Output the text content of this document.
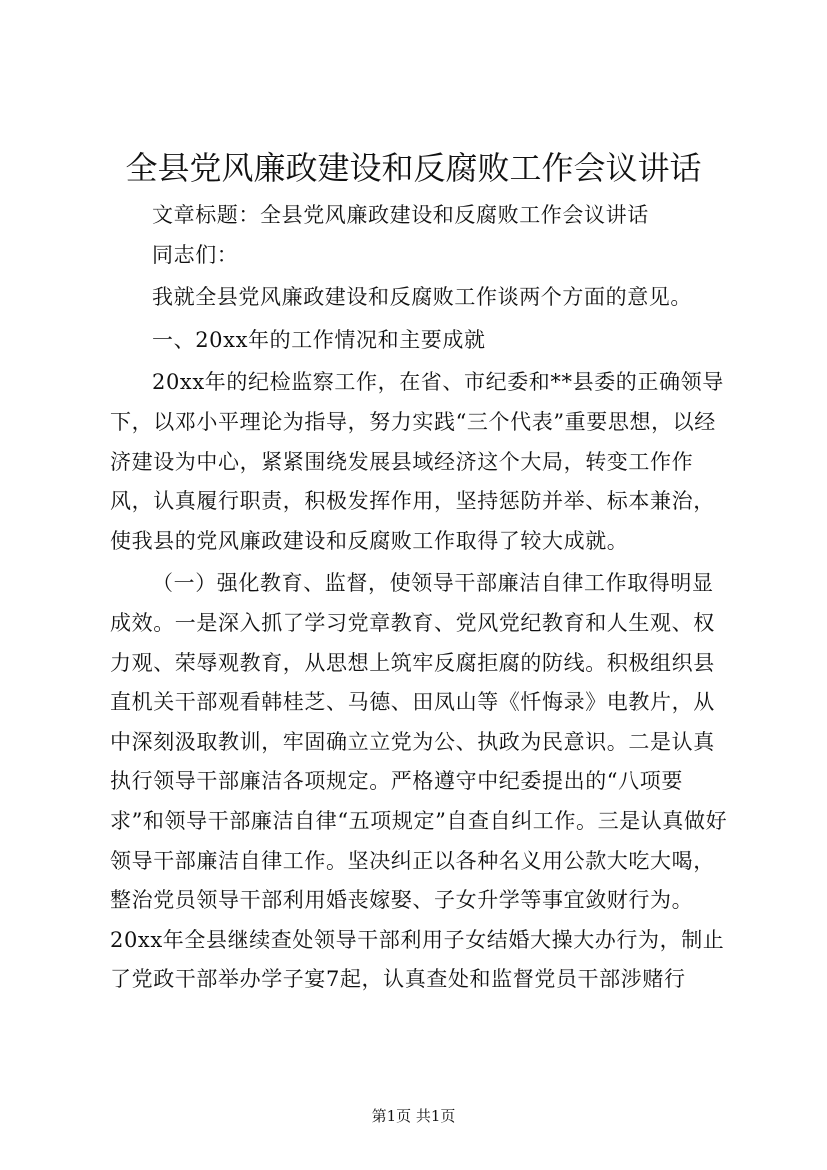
全县党风廉政建设和反腐败工作会议讲话

文章标题：全县党风廉政建设和反腐败工作会议讲话

同志们：

我就全县党风廉政建设和反腐败工作谈两个方面的意见。

一、20xx年的工作情况和主要成就

20xx年的纪检监察工作，在省、市纪委和**县委的正确领导下，以邓小平理论为指导，努力实践“三个代表”重要思想，以经济建设为中心，紧紧围绕发展县域经济这个大局，转变工作作风，认真履行职责，积极发挥作用，坚持惩防并举、标本兼治，使我县的党风廉政建设和反腐败工作取得了较大成就。

（一）强化教育、监督，使领导干部廉洁自律工作取得明显成效。一是深入抓了学习党章教育、党风党纪教育和人生观、权力观、荣辱观教育，从思想上筑牢反腐拒腐的防线。积极组织县直机关干部观看韩桂芝、马德、田凤山等《忏悔录》电教片，从中深刻汲取教训，牢固确立立党为公、执政为民意识。二是认真执行领导干部廉洁各项规定。严格遵守中纪委提出的“八项要求”和领导干部廉洁自律“五项规定”自查自纠工作。三是认真做好领导干部廉洁自律工作。坚决纠正以各种名义用公款大吃大喝，整治党员领导干部利用婚丧嫁娶、子女升学等事宜敛财行为。20xx年全县继续查处领导干部利用子女结婚大操大办行为，制止了党政干部举办学子宴7起，认真查处和监督党员干部涉赌行

第1页 共1页
